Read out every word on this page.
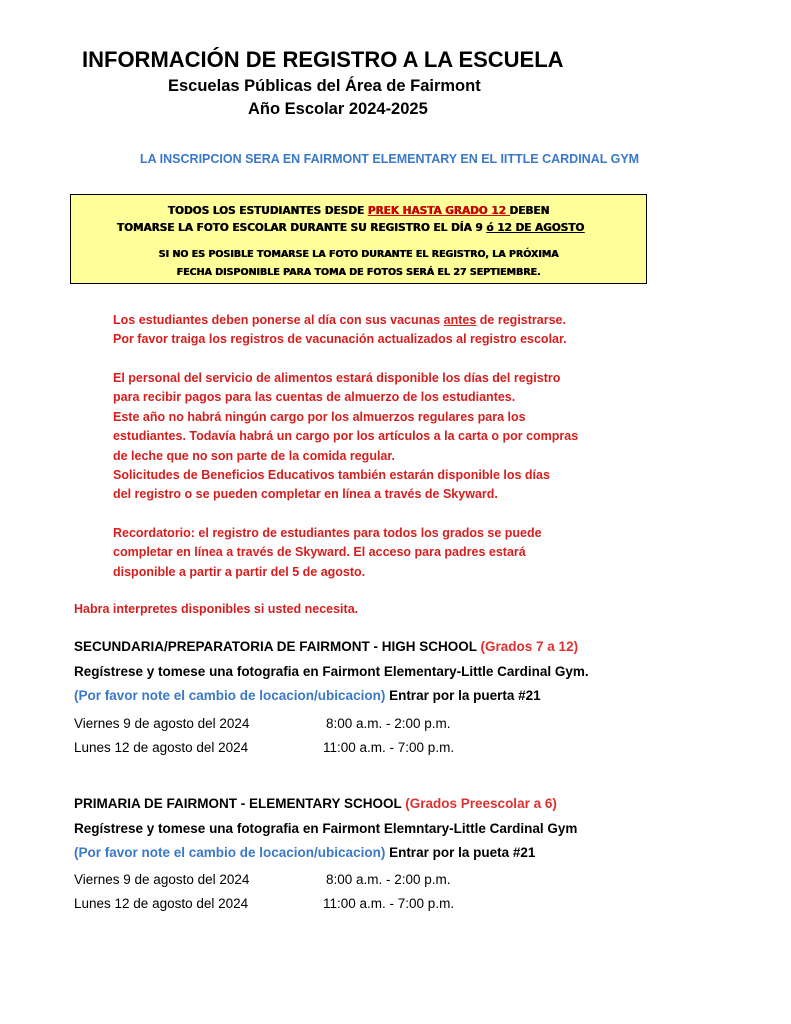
INFORMACIÓN DE REGISTRO A LA ESCUELA
Escuelas Públicas del Área de Fairmont
Año Escolar 2024-2025
LA INSCRIPCION SERA EN FAIRMONT ELEMENTARY EN EL IITTLE CARDINAL GYM
TODOS LOS ESTUDIANTES DESDE PREK HASTA GRADO 12 DEBEN
TOMARSE LA FOTO ESCOLAR DURANTE SU REGISTRO EL DÍA 9 ó 12 DE AGOSTO
SI NO ES POSIBLE TOMARSE LA FOTO DURANTE EL REGISTRO, LA PRÓXIMA
FECHA DISPONIBLE PARA TOMA DE FOTOS SERÁ EL 27 SEPTIEMBRE.
Los estudiantes deben ponerse al día con sus vacunas antes de registrarse.
Por favor traiga los registros de vacunación actualizados al registro escolar.
El personal del servicio de alimentos estará disponible los días del registro
para recibir pagos para las cuentas de almuerzo de los estudiantes.
Este año no habrá ningún cargo por los almuerzos regulares para los
estudiantes. Todavía habrá un cargo por los artículos a la carta o por compras
de leche que no son parte de la comida regular.
Solicitudes de Beneficios Educativos también estarán disponible los días
del registro o se pueden completar en línea a través de Skyward.
Recordatorio: el registro de estudiantes para todos los grados se puede
completar en línea a través de Skyward. El acceso para padres estará
disponible a partir a partir del 5 de agosto.
Habra interpretes disponibles si usted necesita.
SECUNDARIA/PREPARATORIA DE FAIRMONT - HIGH SCHOOL (Grados 7 a 12)
Regístrese y tomese una fotografia en Fairmont Elementary-Little Cardinal Gym.
(Por favor note el cambio de locacion/ubicacion) Entrar por la puerta #21
Viernes 9 de agosto del 2024	8:00 a.m. - 2:00 p.m.
Lunes 12 de agosto del 2024	11:00 a.m. - 7:00 p.m.
PRIMARIA DE FAIRMONT - ELEMENTARY SCHOOL (Grados Preescolar a 6)
Regístrese y tomese una fotografia en Fairmont Elemntary-Little Cardinal Gym
(Por favor note el cambio de locacion/ubicacion) Entrar por la pueta #21
Viernes 9 de agosto del 2024	8:00 a.m. - 2:00 p.m.
Lunes 12 de agosto del 2024	11:00 a.m. - 7:00 p.m.
